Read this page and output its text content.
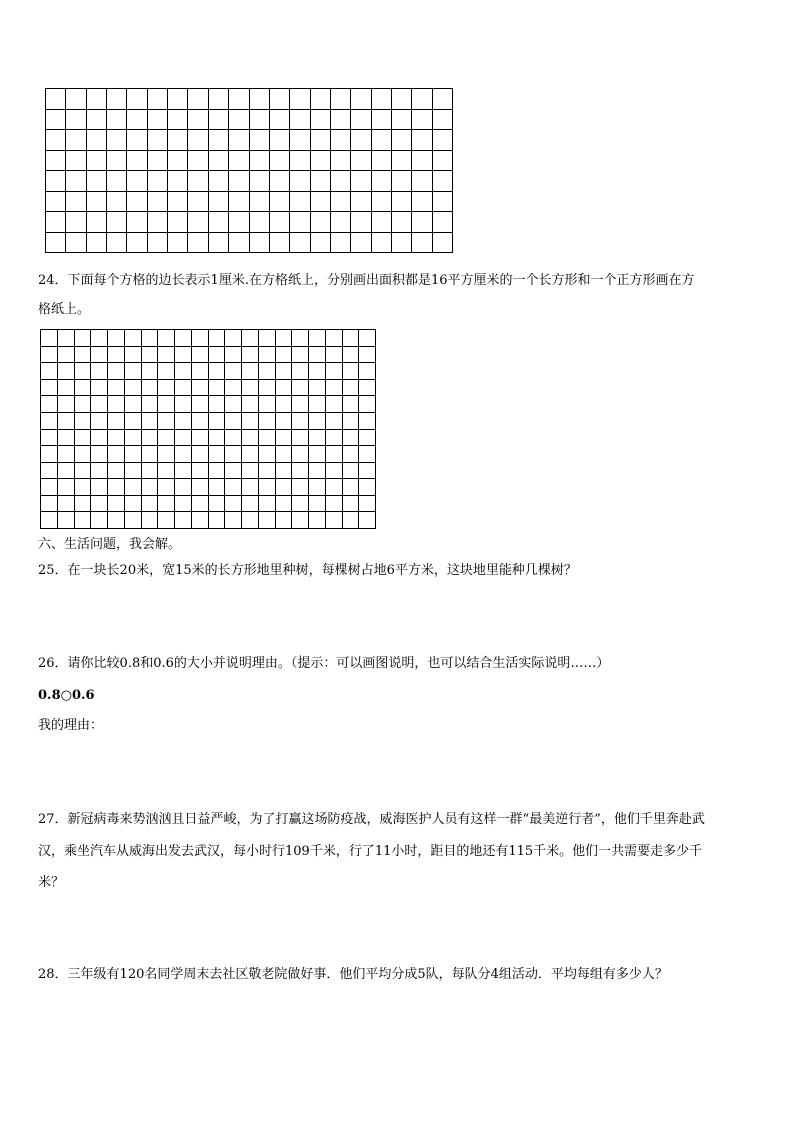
24．下面每个方格的边长表示1厘米.在方格纸上，分别画出面积都是16平方厘米的一个长方形和一个正方形画在方
格纸上。
六、生活问题，我会解。
25．在一块长20米，宽15米的长方形地里种树，每棵树占地6平方米，这块地里能种几棵树？
26．请你比较0.8和0.6的大小并说明理由。（提示：可以画图说明，也可以结合生活实际说明……）
0.8○0.6
我的理由：
27．新冠病毒来势汹汹且日益严峻，为了打赢这场防疫战，威海医护人员有这样一群“最美逆行者”，他们千里奔赴武
汉，乘坐汽车从威海出发去武汉，每小时行109千米，行了11小时，距目的地还有115千米。他们一共需要走多少千
米？
28．三年级有120名同学周末去社区敬老院做好事．他们平均分成5队，每队分4组活动．平均每组有多少人？
